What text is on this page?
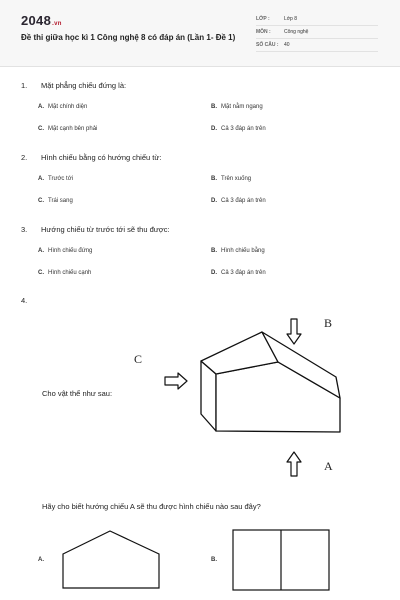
2048.vn
Đề thi giữa học kì 1 Công nghệ 8 có đáp án (Lần 1- Đề 1)
LỚP :	Lớp 8
MÔN :	Công nghệ
SỐ CÂU : 40
1. Mặt phẳng chiếu đứng là:
A. Mặt chính diện	B. Mặt nằm ngang
C. Mặt cạnh bên phải	D. Cả 3 đáp án trên
2. Hình chiếu bằng có hướng chiếu từ:
A. Trước tới	B. Trên xuống
C. Trái sang	D. Cả 3 đáp án trên
3. Hướng chiếu từ trước tới sẽ thu được:
A. Hình chiếu đứng	B. Hình chiếu bằng
C. Hình chiếu cạnh	D. Cả 3 đáp án trên
4.
B
C
A
Cho vật thể như sau:
Hãy cho biết hướng chiếu A sẽ thu được hình chiếu nào sau đây?
A.	B.
